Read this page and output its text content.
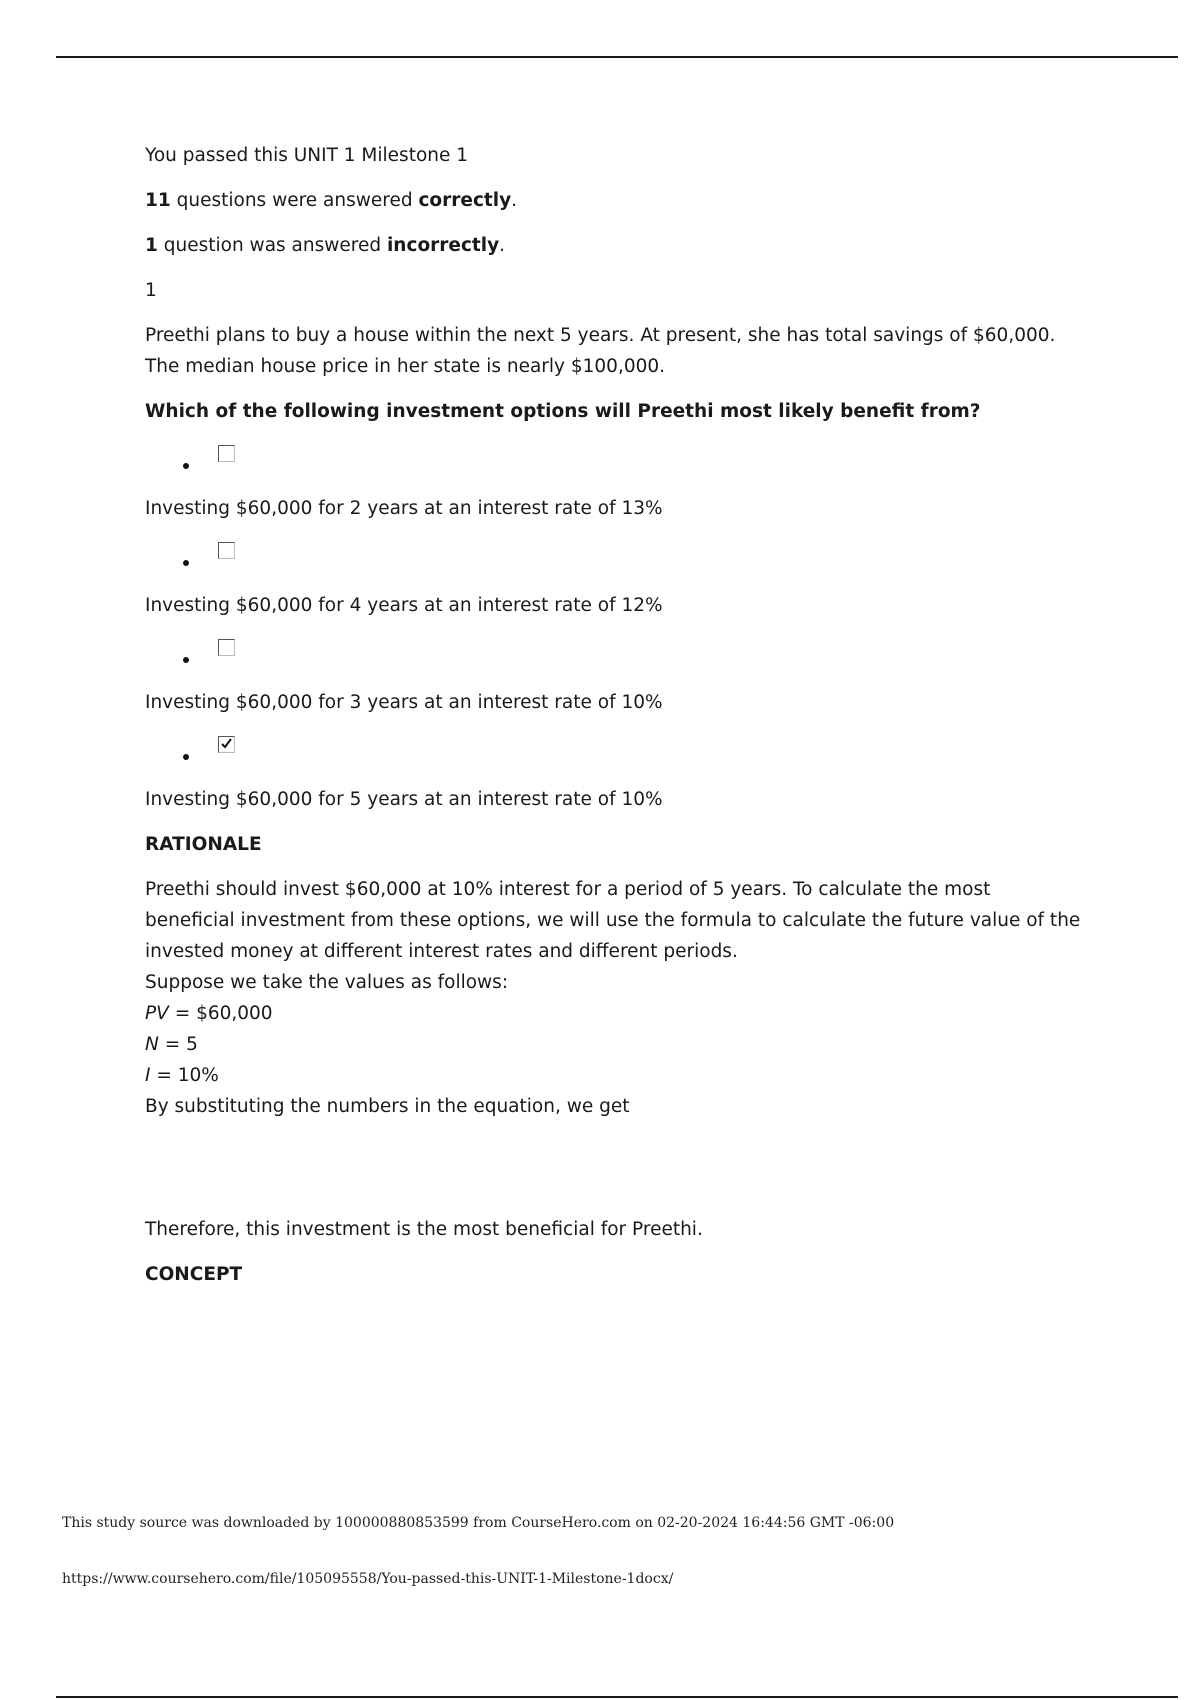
You passed this UNIT 1 Milestone 1

11 questions were answered correctly.

1 question was answered incorrectly.

1

Preethi plans to buy a house within the next 5 years. At present, she has total savings of $60,000. The median house price in her state is nearly $100,000.

Which of the following investment options will Preethi most likely benefit from?

Investing $60,000 for 2 years at an interest rate of 13%

Investing $60,000 for 4 years at an interest rate of 12%

Investing $60,000 for 3 years at an interest rate of 10%

Investing $60,000 for 5 years at an interest rate of 10%

RATIONALE

Preethi should invest $60,000 at 10% interest for a period of 5 years. To calculate the most beneficial investment from these options, we will use the formula to calculate the future value of the invested money at different interest rates and different periods.

Suppose we take the values as follows:

PV = $60,000

N = 5

I = 10%

By substituting the numbers in the equation, we get

Therefore, this investment is the most beneficial for Preethi.

CONCEPT

This study source was downloaded by 100000880853599 from CourseHero.com on 02-20-2024 16:44:56 GMT -06:00
https://www.coursehero.com/file/105095558/You-passed-this-UNIT-1-Milestone-1docx/
